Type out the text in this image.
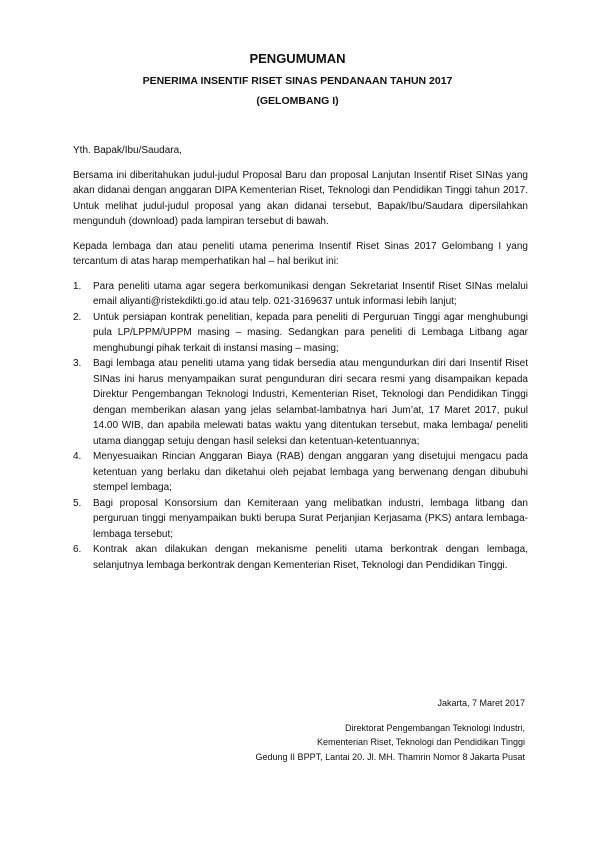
PENGUMUMAN
PENERIMA INSENTIF RISET SINAS PENDANAAN TAHUN 2017
(GELOMBANG I)

Yth. Bapak/Ibu/Saudara,

Bersama ini diberitahukan judul-judul Proposal Baru dan proposal Lanjutan Insentif Riset SINas yang akan didanai dengan anggaran DIPA Kementerian Riset, Teknologi dan Pendidikan Tinggi tahun 2017. Untuk melihat judul-judul proposal yang akan didanai tersebut, Bapak/Ibu/Saudara dipersilahkan mengunduh (download) pada lampiran tersebut di bawah.

Kepada lembaga dan atau peneliti utama penerima Insentif Riset Sinas 2017 Gelombang I yang tercantum di atas harap memperhatikan hal – hal berikut ini:

1. Para peneliti utama agar segera berkomunikasi dengan Sekretariat Insentif Riset SINas melalui email aliyanti@ristekdikti.go.id atau telp. 021-3169637 untuk informasi lebih lanjut;
2. Untuk persiapan kontrak penelitian, kepada para peneliti di Perguruan Tinggi agar menghubungi pula LP/LPPM/UPPM masing – masing. Sedangkan para peneliti di Lembaga Litbang agar menghubungi pihak terkait di instansi masing – masing;
3. Bagi lembaga atau peneliti utama yang tidak bersedia atau mengundurkan diri dari Insentif Riset SINas ini harus menyampaikan surat pengunduran diri secara resmi yang disampaikan kepada Direktur Pengembangan Teknologi Industri, Kementerian Riset, Teknologi dan Pendidikan Tinggi dengan memberikan alasan yang jelas selambat-lambatnya hari Jum’at, 17 Maret 2017, pukul 14.00 WIB, dan apabila melewati batas waktu yang ditentukan tersebut, maka lembaga/ peneliti utama dianggap setuju dengan hasil seleksi dan ketentuan-ketentuannya;
4. Menyesuaikan Rincian Anggaran Biaya (RAB) dengan anggaran yang disetujui mengacu pada ketentuan yang berlaku dan diketahui oleh pejabat lembaga yang berwenang dengan dibubuhi stempel lembaga;
5. Bagi proposal Konsorsium dan Kemiteraan yang melibatkan industri, lembaga litbang dan perguruan tinggi menyampaikan bukti berupa Surat Perjanjian Kerjasama (PKS) antara lembaga-lembaga tersebut;
6. Kontrak akan dilakukan dengan mekanisme peneliti utama berkontrak dengan lembaga, selanjutnya lembaga berkontrak dengan Kementerian Riset, Teknologi dan Pendidikan Tinggi.
Jakarta, 7 Maret 2017
Direktorat Pengembangan Teknologi Industri,
Kementerian Riset, Teknologi dan Pendidikan Tinggi
Gedung II BPPT, Lantai 20. Jl. MH. Thamrin Nomor 8 Jakarta Pusat
